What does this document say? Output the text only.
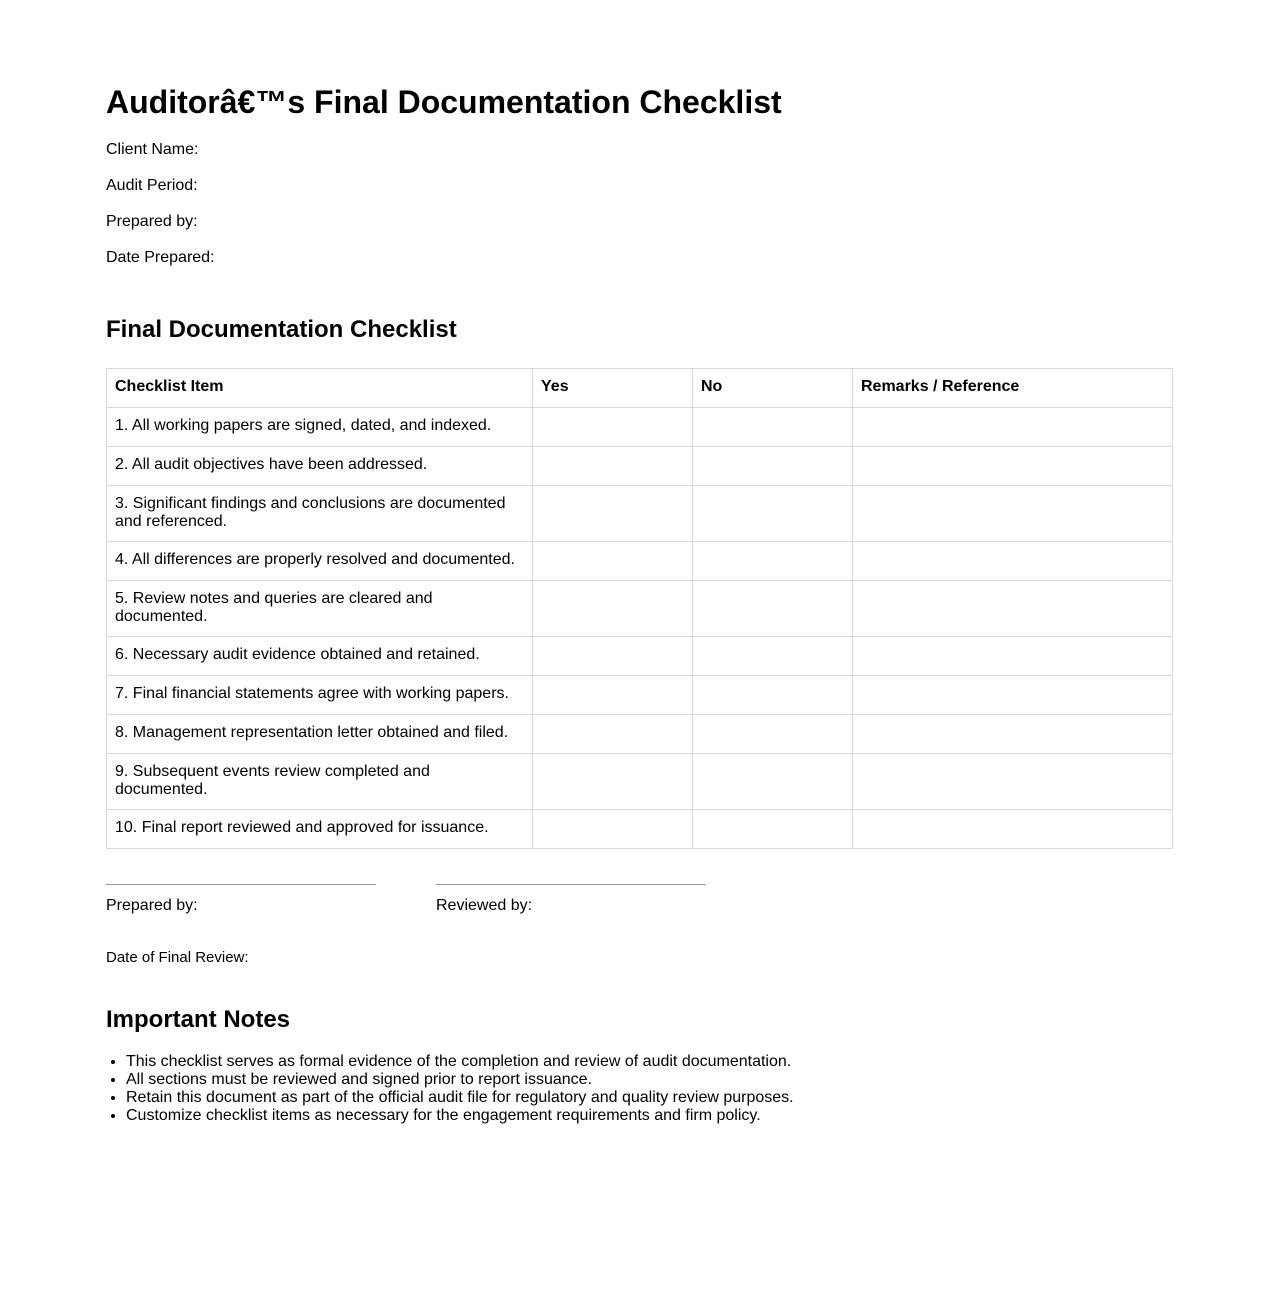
Auditorâ€™s Final Documentation Checklist
Client Name:
Audit Period:
Prepared by:
Date Prepared:
Final Documentation Checklist
Checklist Item	Yes	No	Remarks / Reference
1. All working papers are signed, dated, and indexed.			
2. All audit objectives have been addressed.			
3. Significant findings and conclusions are documented and referenced.			
4. All differences are properly resolved and documented.			
5. Review notes and queries are cleared and documented.			
6. Necessary audit evidence obtained and retained.			
7. Final financial statements agree with working papers.			
8. Management representation letter obtained and filed.			
9. Subsequent events review completed and documented.			
10. Final report reviewed and approved for issuance.			
Prepared by:	Reviewed by:
Date of Final Review:
Important Notes
• This checklist serves as formal evidence of the completion and review of audit documentation.
• All sections must be reviewed and signed prior to report issuance.
• Retain this document as part of the official audit file for regulatory and quality review purposes.
• Customize checklist items as necessary for the engagement requirements and firm policy.
